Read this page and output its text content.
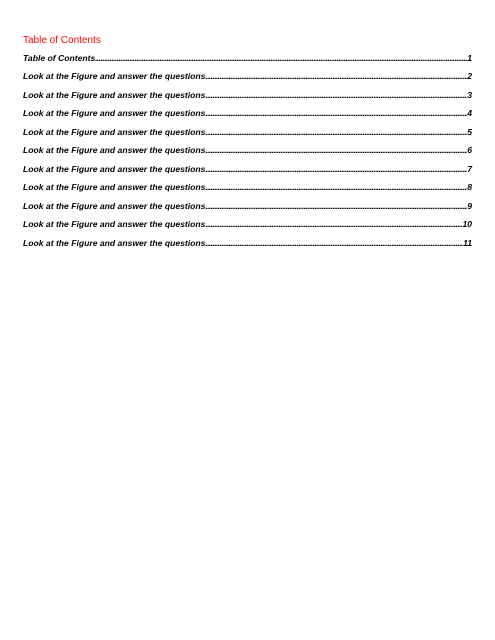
Table of Contents
Table of Contents .....	1
Look at the Figure and answer the questions .....	2
Look at the Figure and answer the questions .....	3
Look at the Figure and answer the questions .....	4
Look at the Figure and answer the questions .....	5
Look at the Figure and answer the questions .....	6
Look at the Figure and answer the questions .....	7
Look at the Figure and answer the questions .....	8
Look at the Figure and answer the questions .....	9
Look at the Figure and answer the questions .....	10
Look at the Figure and answer the questions .....	11
